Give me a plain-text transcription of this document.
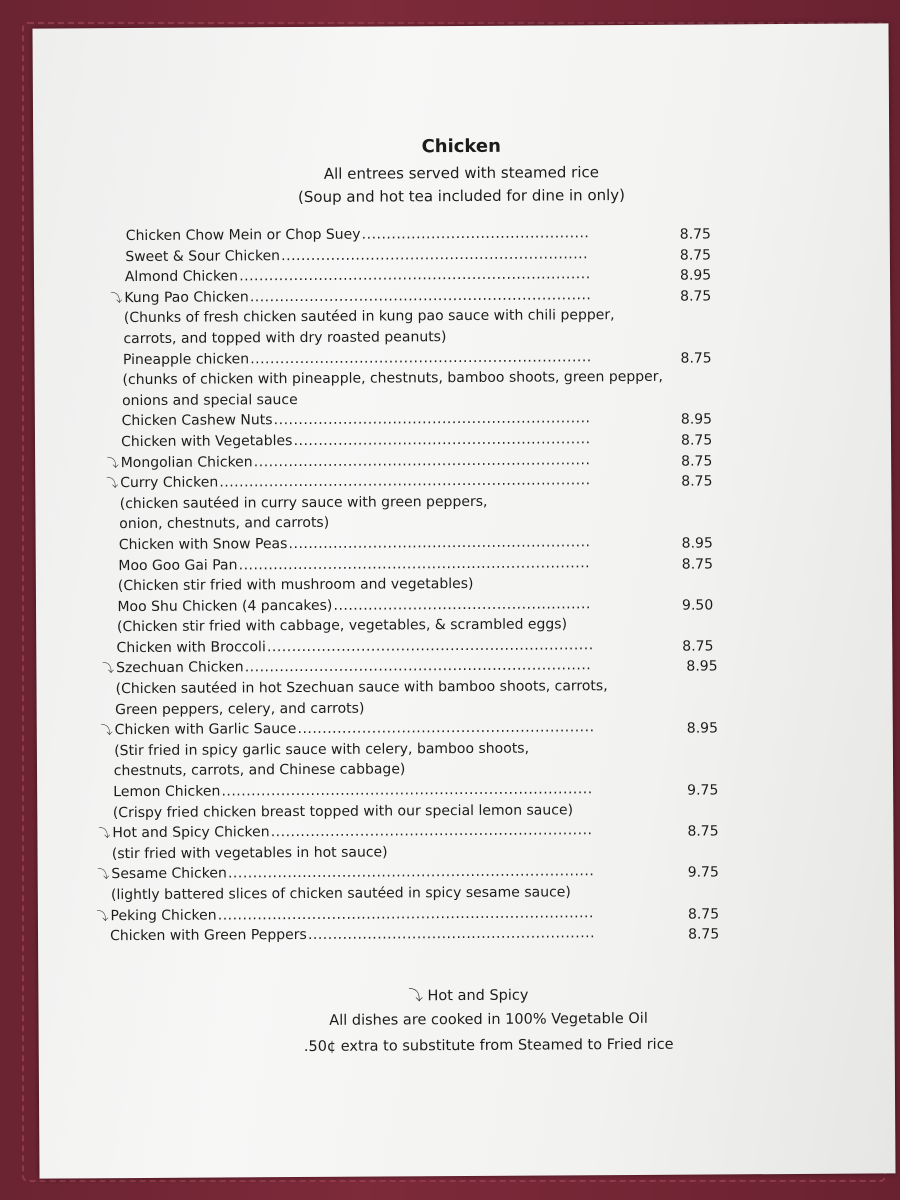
Chicken
All entrees served with steamed rice
(Soup and hot tea included for dine in only)
Chicken Chow Mein or Chop Suey ..............................................	8.75
Sweet & Sour Chicken ..............................................................	8.75
Almond Chicken .......................................................................	8.95
⤵︎ Kung Pao Chicken .....................................................................	8.75
(Chunks of fresh chicken sautéed in kung pao sauce with chili pepper,
carrots, and topped with dry roasted peanuts)
Pineapple chicken .....................................................................	8.75
(chunks of chicken with pineapple, chestnuts, bamboo shoots, green pepper,
onions and special sauce
Chicken Cashew Nuts ................................................................	8.95
Chicken with Vegetables ............................................................	8.75
⤵︎ Mongolian Chicken ....................................................................	8.75
⤵︎ Curry Chicken ...........................................................................	8.75
(chicken sautéed in curry sauce with green peppers,
onion, chestnuts, and carrots)
Chicken with Snow Peas .............................................................	8.95
Moo Goo Gai Pan .......................................................................	8.75
(Chicken stir fried with mushroom and vegetables)
Moo Shu Chicken (4 pancakes) ....................................................	9.50
(Chicken stir fried with cabbage, vegetables, & scrambled eggs)
Chicken with Broccoli ..................................................................	8.75
⤵︎ Szechuan Chicken ......................................................................	8.95
(Chicken sautéed in hot Szechuan sauce with bamboo shoots, carrots,
Green peppers, celery, and carrots)
⤵︎ Chicken with Garlic Sauce ............................................................	8.95
(Stir fried in spicy garlic sauce with celery, bamboo shoots,
chestnuts, carrots, and Chinese cabbage)
Lemon Chicken ...........................................................................	9.75
(Crispy fried chicken breast topped with our special lemon sauce)
⤵︎ Hot and Spicy Chicken .................................................................	8.75
(stir fried with vegetables in hot sauce)
⤵︎ Sesame Chicken ..........................................................................	9.75
(lightly battered slices of chicken sautéed in spicy sesame sauce)
⤵︎ Peking Chicken ............................................................................	8.75
Chicken with Green Peppers ..........................................................	8.75
⤵︎ Hot and Spicy
All dishes are cooked in 100% Vegetable Oil
.50¢ extra to substitute from Steamed to Fried rice
